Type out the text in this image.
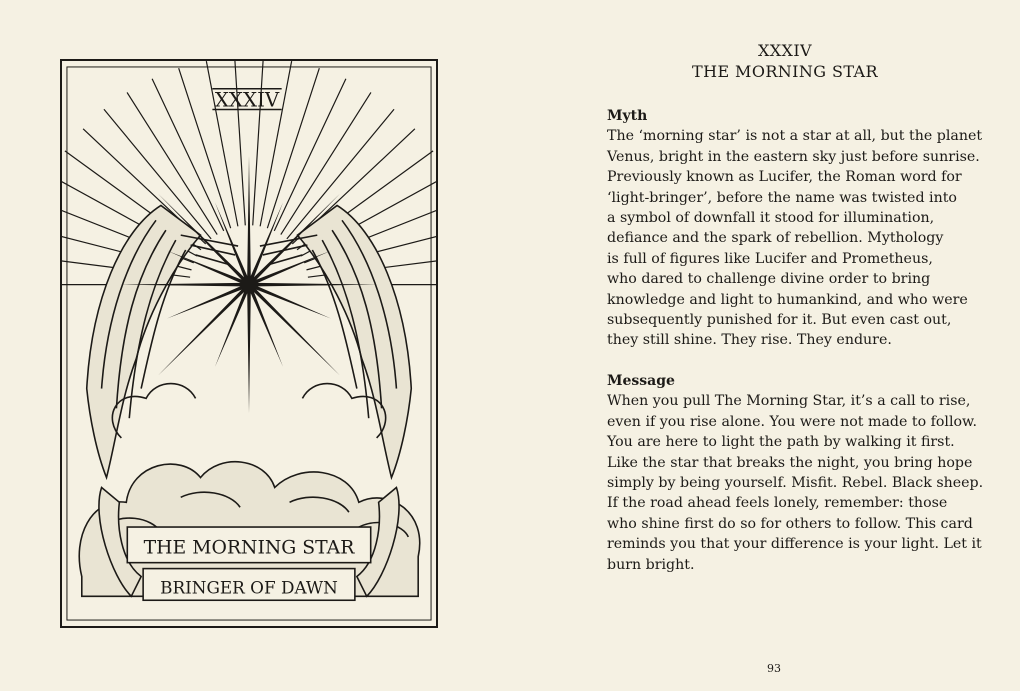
XXXIV
THE MORNING STAR
BRINGER OF DAWN
XXXIV
THE MORNING STAR
Myth
The ‘morning star’ is not a star at all, but the planet
Venus, bright in the eastern sky just before sunrise.
Previously known as Lucifer, the Roman word for
‘light-bringer’, before the name was twisted into
a symbol of downfall it stood for illumination,
defiance and the spark of rebellion. Mythology
is full of figures like Lucifer and Prometheus,
who dared to challenge divine order to bring
knowledge and light to humankind, and who were
subsequently punished for it. But even cast out,
they still shine. They rise. They endure.
Message
When you pull The Morning Star, it’s a call to rise,
even if you rise alone. You were not made to follow.
You are here to light the path by walking it first.
Like the star that breaks the night, you bring hope
simply by being yourself. Misfit. Rebel. Black sheep.
If the road ahead feels lonely, remember: those
who shine first do so for others to follow. This card
reminds you that your difference is your light. Let it
burn bright.
93
